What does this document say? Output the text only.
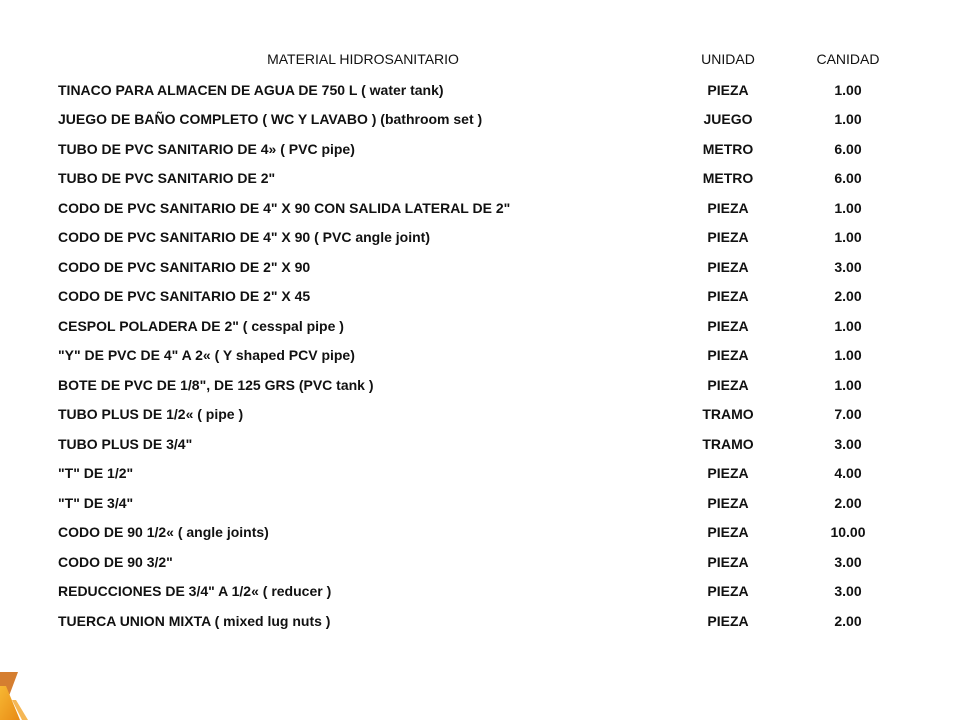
MATERIAL HIDROSANITARIO	UNIDAD	CANIDAD
TINACO PARA ALMACEN DE AGUA DE 750 L ( water tank)	PIEZA	1.00
JUEGO DE BAÑO COMPLETO ( WC Y LAVABO ) (bathroom set )	JUEGO	1.00
TUBO DE PVC SANITARIO DE 4» ( PVC pipe)	METRO	6.00
TUBO DE PVC SANITARIO DE 2"	METRO	6.00
CODO DE PVC SANITARIO DE 4" X 90 CON SALIDA LATERAL DE 2"	PIEZA	1.00
CODO DE PVC SANITARIO DE 4" X 90 ( PVC angle joint)	PIEZA	1.00
CODO DE PVC SANITARIO DE 2" X 90	PIEZA	3.00
CODO DE PVC SANITARIO DE 2" X 45	PIEZA	2.00
CESPOL POLADERA DE 2" ( cesspal pipe )	PIEZA	1.00
"Y" DE PVC DE 4" A 2« ( Y shaped PCV pipe)	PIEZA	1.00
BOTE DE PVC DE 1/8", DE 125 GRS (PVC tank )	PIEZA	1.00
TUBO PLUS DE 1/2« ( pipe )	TRAMO	7.00
TUBO PLUS DE 3/4"	TRAMO	3.00
"T" DE 1/2"	PIEZA	4.00
"T" DE 3/4"	PIEZA	2.00
CODO DE 90 1/2« ( angle joints)	PIEZA	10.00
CODO DE 90 3/2"	PIEZA	3.00
REDUCCIONES DE 3/4" A 1/2« ( reducer )	PIEZA	3.00
TUERCA UNION MIXTA ( mixed lug nuts )	PIEZA	2.00
